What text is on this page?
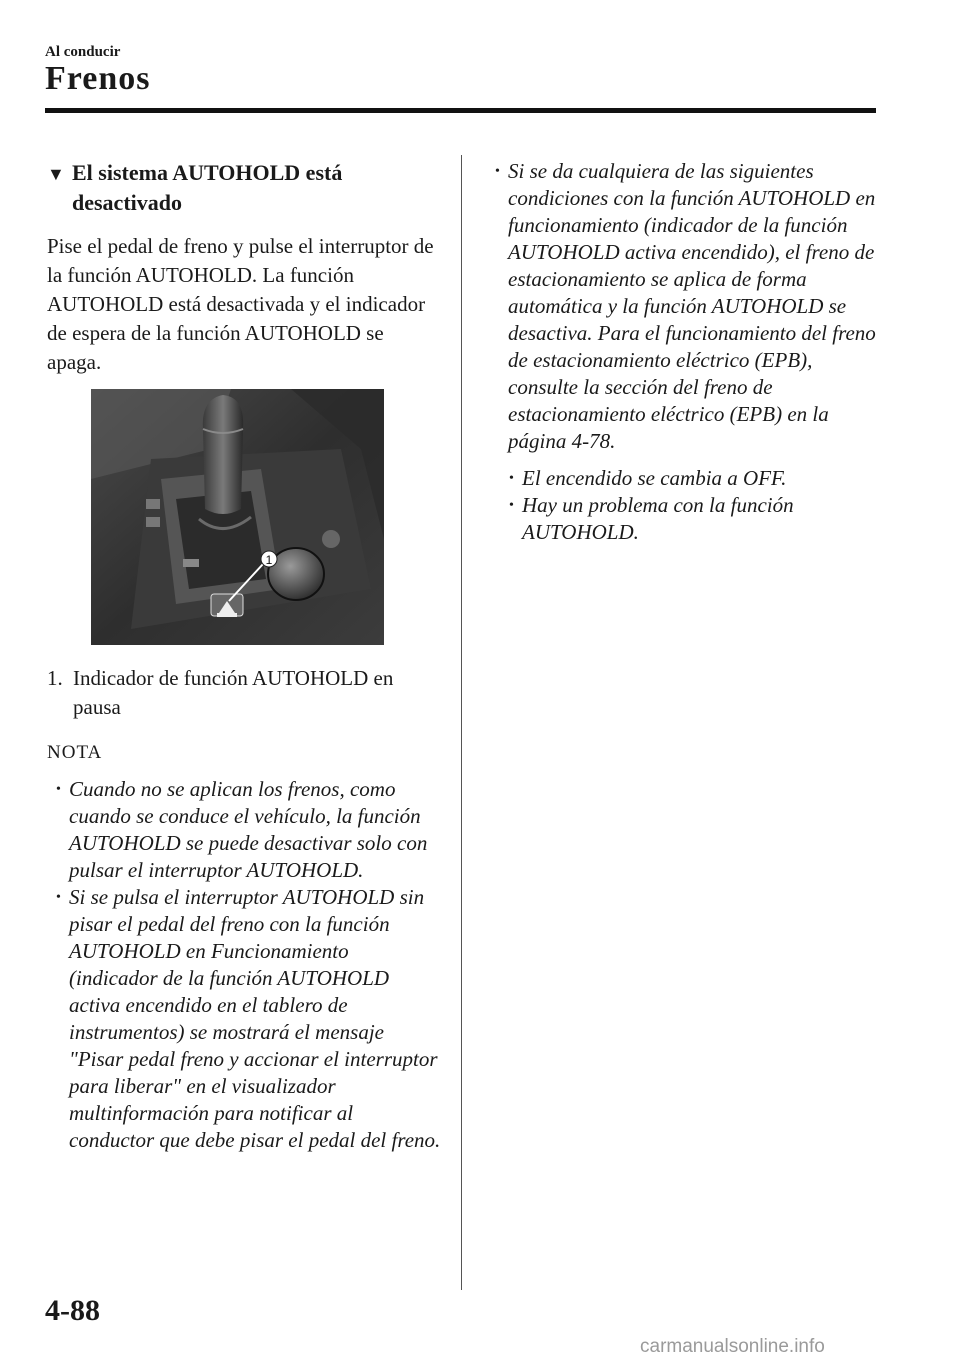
Al conducir
Frenos
▼ El sistema AUTOHOLD está desactivado

Pise el pedal de freno y pulse el interruptor de la función AUTOHOLD. La función AUTOHOLD está desactivada y el indicador de espera de la función AUTOHOLD se apaga.

1
1. Indicador de función AUTOHOLD en pausa
NOTA
• Cuando no se aplican los frenos, como cuando se conduce el vehículo, la función AUTOHOLD se puede desactivar solo con pulsar el interruptor AUTOHOLD.
• Si se pulsa el interruptor AUTOHOLD sin pisar el pedal del freno con la función AUTOHOLD en Funcionamiento (indicador de la función AUTOHOLD activa encendido en el tablero de instrumentos) se mostrará el mensaje "Pisar pedal freno y accionar el interruptor para liberar" en el visualizador multinformación para notificar al conductor que debe pisar el pedal del freno.
• Si se da cualquiera de las siguientes condiciones con la función AUTOHOLD en funcionamiento (indicador de la función AUTOHOLD activa encendido), el freno de estacionamiento se aplica de forma automática y la función AUTOHOLD se desactiva. Para el funcionamiento del freno de estacionamiento eléctrico (EPB), consulte la sección del freno de estacionamiento eléctrico (EPB) en la página 4-78.
• El encendido se cambia a OFF.
• Hay un problema con la función AUTOHOLD.
4-88
carmanualsonline.info
